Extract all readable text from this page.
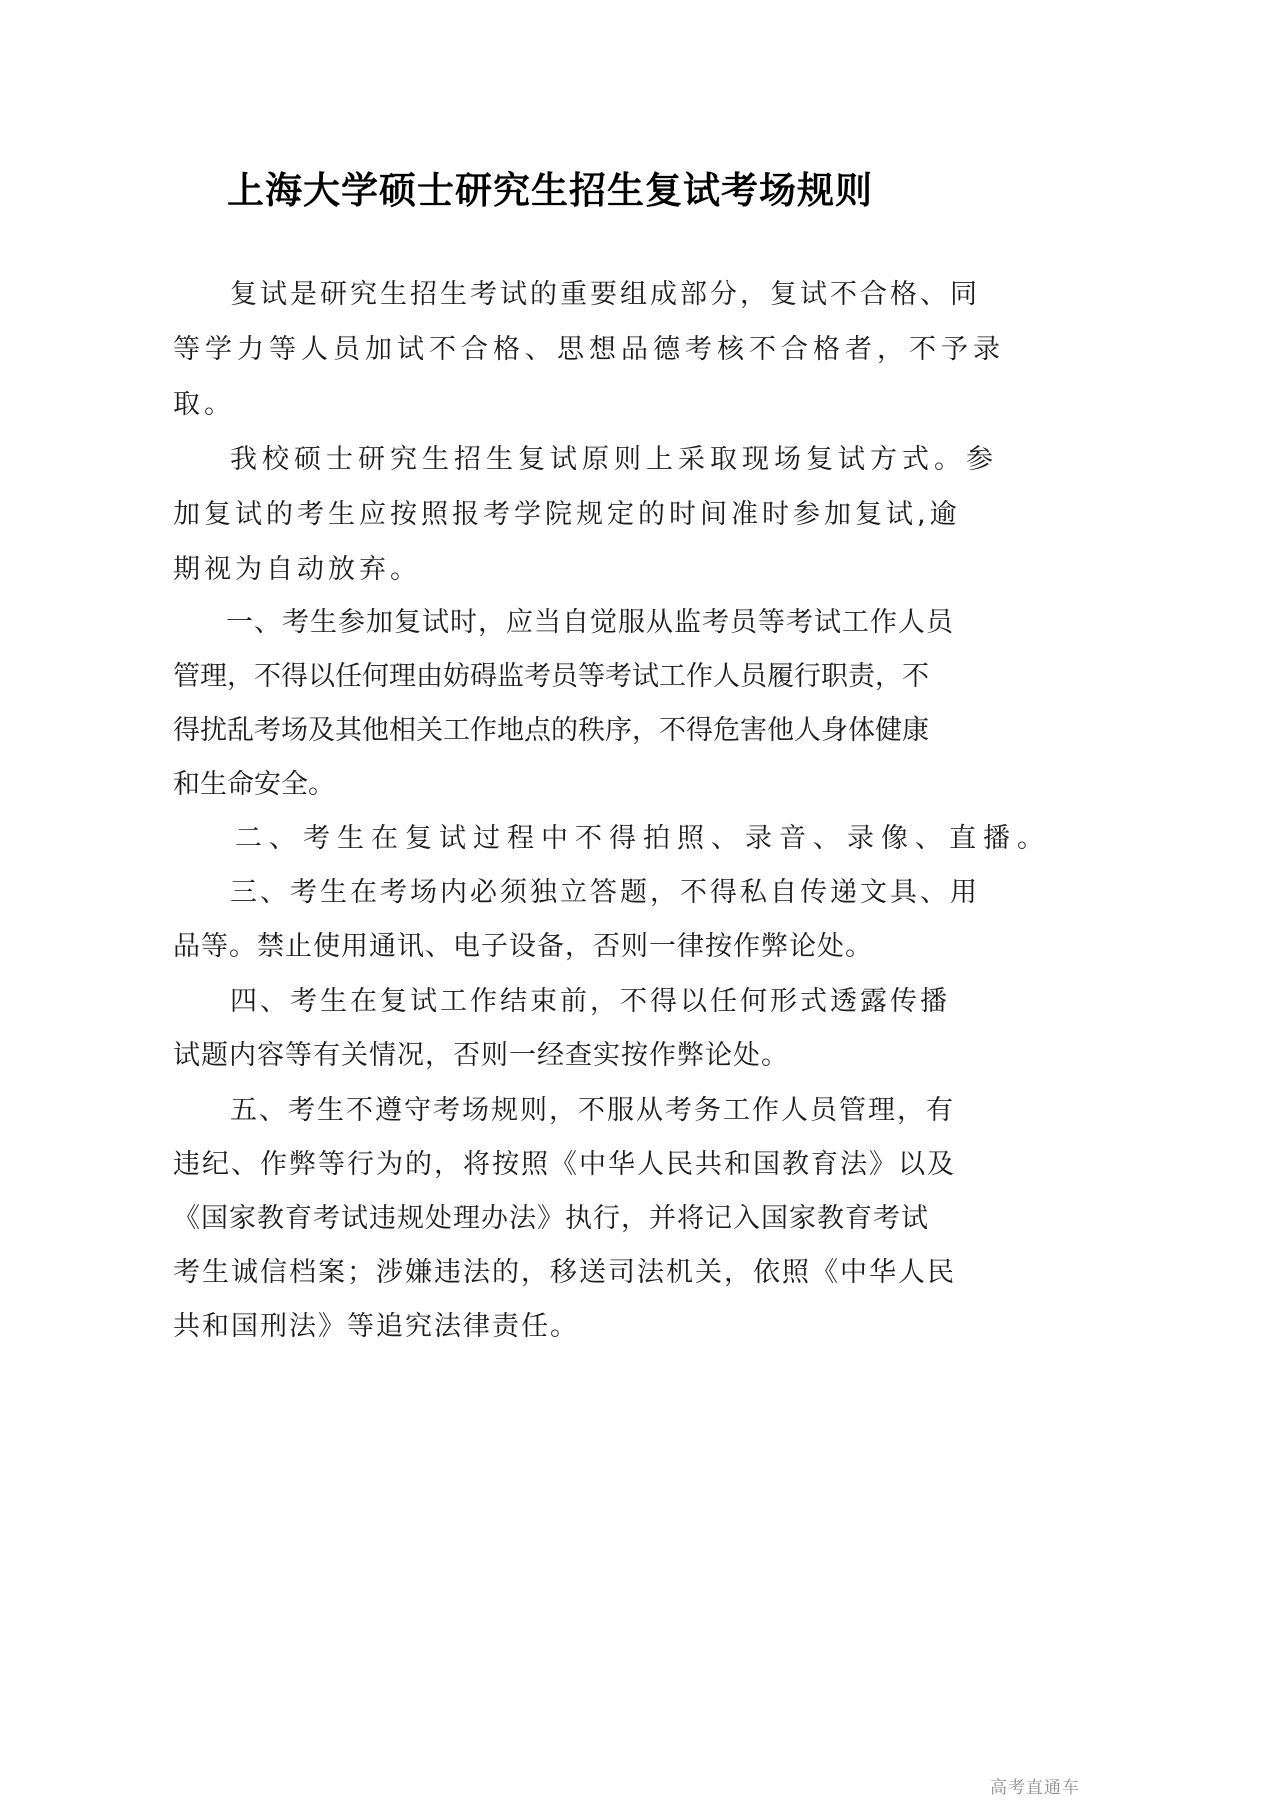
上海大学硕士研究生招生复试考场规则
复试是研究生招生考试的重要组成部分，复试不合格、同
等学力等人员加试不合格、思想品德考核不合格者，不予录
取。
我校硕士研究生招生复试原则上采取现场复试方式。参
加复试的考生应按照报考学院规定的时间准时参加复试,逾
期视为自动放弃。
一、考生参加复试时，应当自觉服从监考员等考试工作人员
管理，不得以任何理由妨碍监考员等考试工作人员履行职责，不
得扰乱考场及其他相关工作地点的秩序，不得危害他人身体健康
和生命安全。
二、考生在复试过程中不得拍照、录音、录像、直播。
三、考生在考场内必须独立答题，不得私自传递文具、用
品等。禁止使用通讯、电子设备，否则一律按作弊论处。
四、考生在复试工作结束前，不得以任何形式透露传播
试题内容等有关情况，否则一经查实按作弊论处。
五、考生不遵守考场规则，不服从考务工作人员管理，有
违纪、作弊等行为的，将按照《中华人民共和国教育法》以及
《国家教育考试违规处理办法》执行，并将记入国家教育考试
考生诚信档案；涉嫌违法的，移送司法机关，依照《中华人民
共和国刑法》等追究法律责任。
高考直通车
